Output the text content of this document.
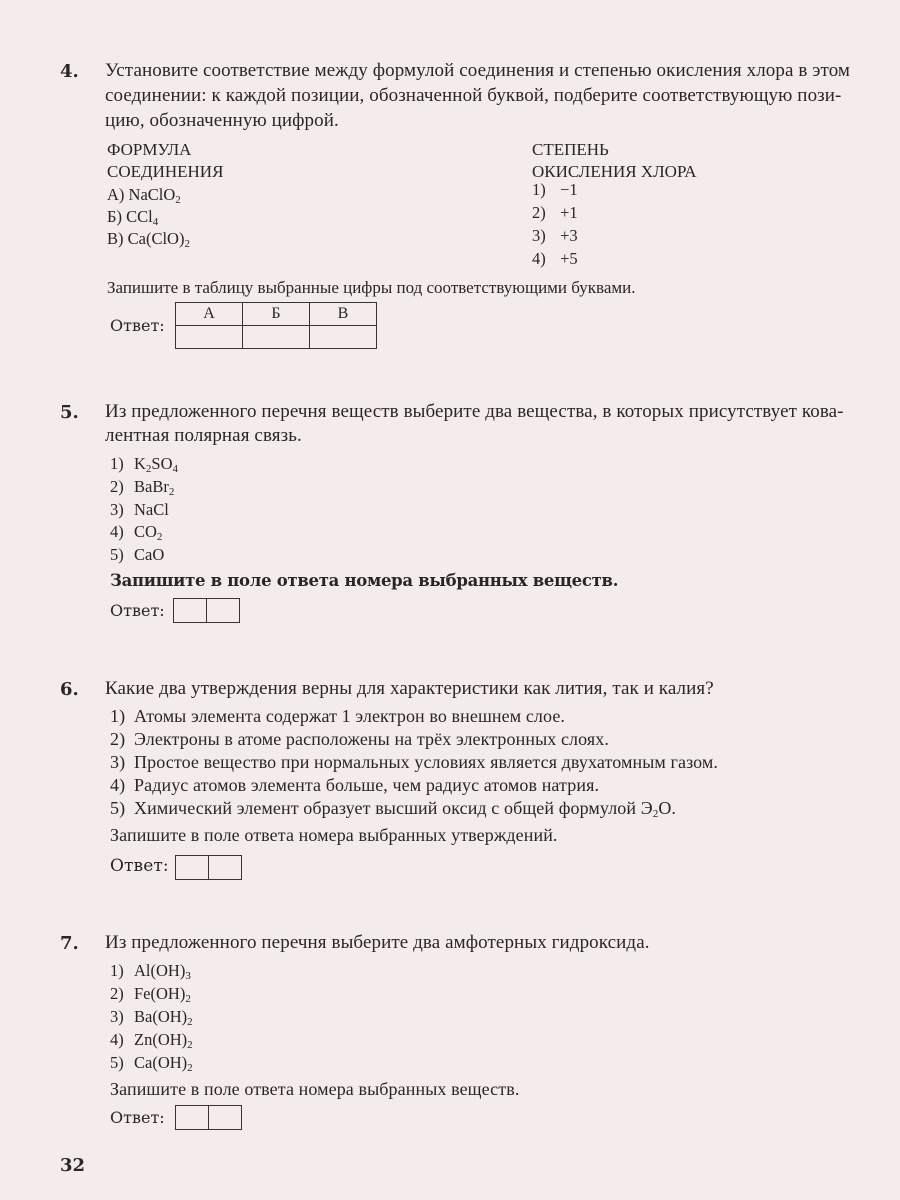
4. Установите соответствие между формулой соединения и степенью окисления хлора в этом
соединении: к каждой позиции, обозначенной буквой, подберите соответствующую пози-
цию, обозначенную цифрой.
ФОРМУЛА
СОЕДИНЕНИЯ
СТЕПЕНЬ
ОКИСЛЕНИЯ ХЛОРА
А) NaClO$_2$
Б) CCl$_4$
В) $Ca(ClO)_2$
1) −1
2) +1
3) +3
4) +5
Запишите в таблицу выбранные цифры под соответствующими буквами.
Ответ:
А	Б	В

5. Из предложенного перечня веществ выберите два вещества, в которых присутствует кова-
лентная полярная связь.
1) $K_2SO_4$
2) BaBr$_2$
3) NaCl
4) $CO_2$
5) CaO
Запишите в поле ответа номера выбранных веществ.
Ответ:
6. Какие два утверждения верны для характеристики как лития, так и калия?
1) Атомы элемента содержат 1 электрон во внешнем слое.
2) Электроны в атоме расположены на трёх электронных слоях.
3) Простое вещество при нормальных условиях является двухатомным газом.
4) Радиус атомов элемента больше, чем радиус атомов натрия.
5) Химический элемент образует высший оксид с общей формулой $Э_2О$.
Запишите в поле ответа номера выбранных утверждений.
Ответ:
7. Из предложенного перечня выберите два амфотерных гидроксида.
1) $Al(OH)_3$
2) $Fe(OH)_2$
3) $Ba(OH)_2$
4) $Zn(OH)_2$
5) $Ca(OH)_2$
Запишите в поле ответа номера выбранных веществ.
Ответ:
32
